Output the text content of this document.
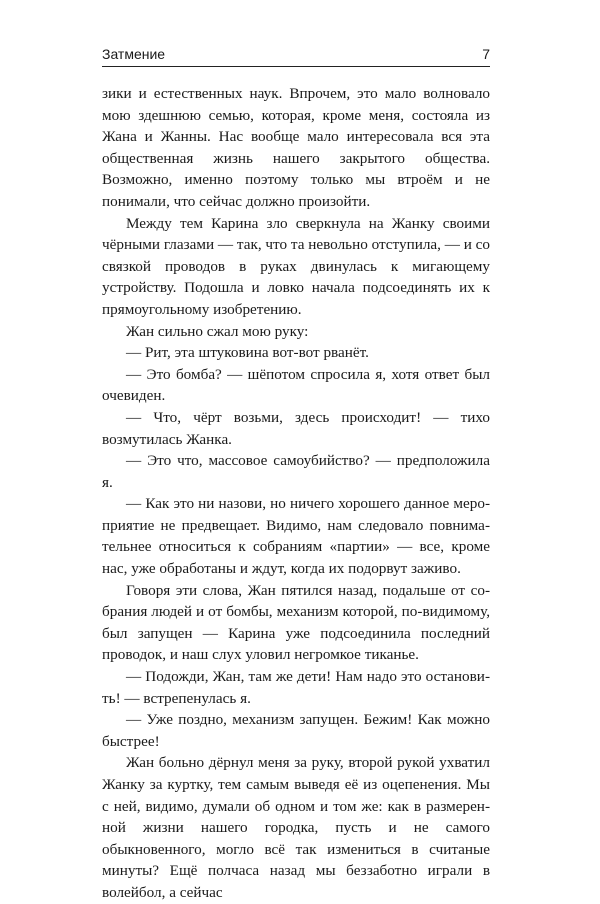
Затмение	7

зики и естественных наук. Впрочем, это мало волновало мою здешнюю семью, которая, кроме меня, состояла из Жана и Жанны. Нас вообще мало интересовала вся эта общественная жизнь нашего закрытого общества. Возможно, именно поэтому только мы втроём и не понимали, что сейчас должно произойти.

Между тем Карина зло сверкнула на Жанку своими чёрными глазами — так, что та невольно отступила, — и со связкой проводов в руках двинулась к мигающему устройству. Подошла и ловко начала подсоединять их к прямоугольному изобретению.

Жан сильно сжал мою руку:

— Рит, эта штуковина вот-вот рванёт.

— Это бомба? — шёпотом спросила я, хотя ответ был очевиден.

— Что, чёрт возьми, здесь происходит! — тихо возмутилась Жанка.

— Это что, массовое самоубийство? — предположила я.

— Как это ни назови, но ничего хорошего данное мероприятие не предвещает. Видимо, нам следовало повнимательнее относиться к собраниям «партии» — все, кроме нас, уже обработаны и ждут, когда их подорвут заживо.

Говоря эти слова, Жан пятился назад, подальше от собрания людей и от бомбы, механизм которой, по-видимому, был запущен — Карина уже подсоединила последний проводок, и наш слух уловил негромкое тиканье.

— Подожди, Жан, там же дети! Нам надо это остановить! — встрепенулась я.

— Уже поздно, механизм запущен. Бежим! Как можно быстрее!

Жан больно дёрнул меня за руку, второй рукой ухватил Жанку за куртку, тем самым выведя её из оцепенения. Мы с ней, видимо, думали об одном и том же: как в размеренной жизни нашего городка, пусть и не самого обыкновенного, могло всё так измениться в считаные минуты? Ещё полчаса назад мы беззаботно играли в волейбол, а сейчас
